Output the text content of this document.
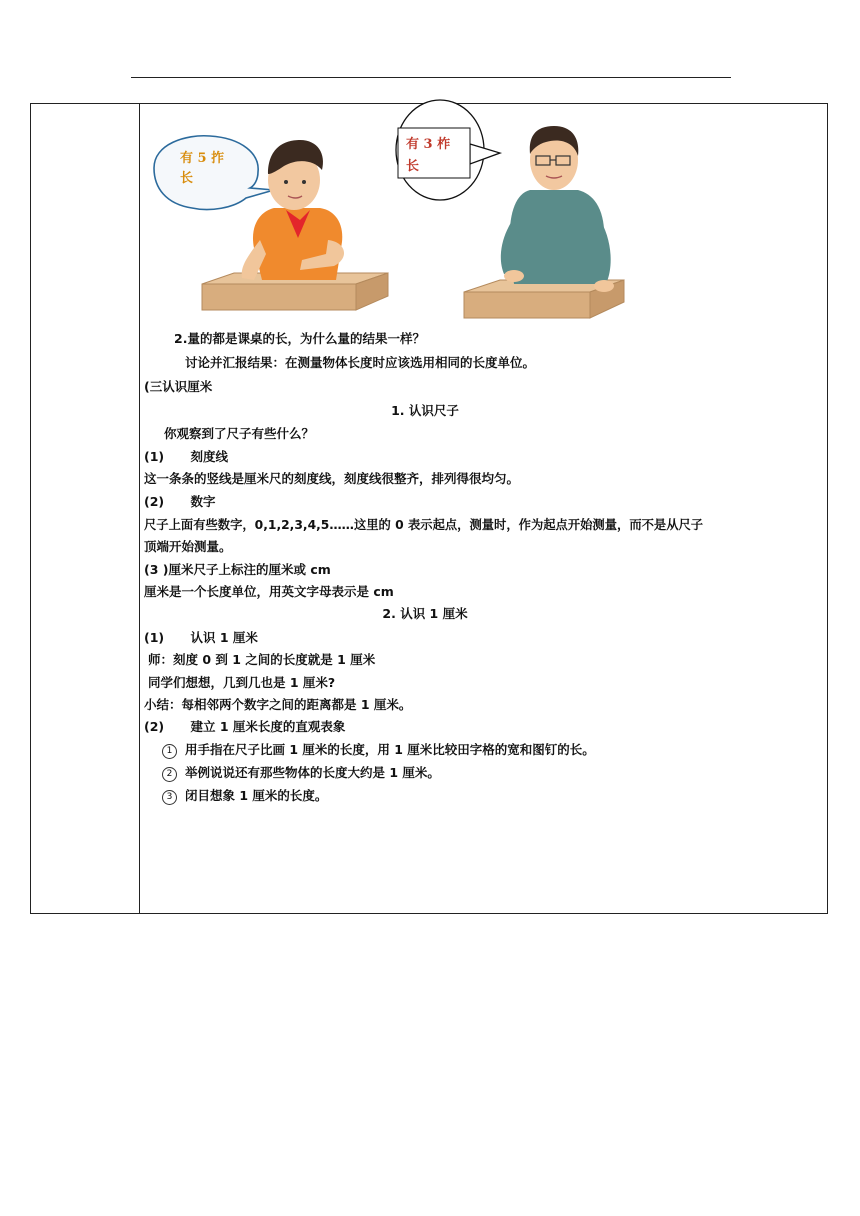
有 5 拃
长
有 3 柞
长
2.量的都是课桌的长，为什么量的结果一样？
讨论并汇报结果：在测量物体长度时应该选用相同的长度单位。
(三认识厘米
1. 认识尺子
你观察到了尺子有些什么？
(1) 刻度线
这一条条的竖线是厘米尺的刻度线，刻度线很整齐，排列得很均匀。
(2) 数字
尺子上面有些数字，0,1,2,3,4,5……这里的 0 表示起点，测量时，作为起点开始测量，而不是从尺子
顶端开始测量。
(3 )厘米尺子上标注的厘米或 cm
厘米是一个长度单位，用英文字母表示是 cm
2. 认识 1 厘米
(1) 认识 1 厘米
师：刻度 0 到 1 之间的长度就是 1 厘米
同学们想想，几到几也是 1 厘米?
小结：每相邻两个数字之间的距离都是 1 厘米。
(2) 建立 1 厘米长度的直观表象
1 用手指在尺子比画 1 厘米的长度，用 1 厘米比较田字格的宽和图钉的长。
2 举例说说还有那些物体的长度大约是 1 厘米。
3 闭目想象 1 厘米的长度。
